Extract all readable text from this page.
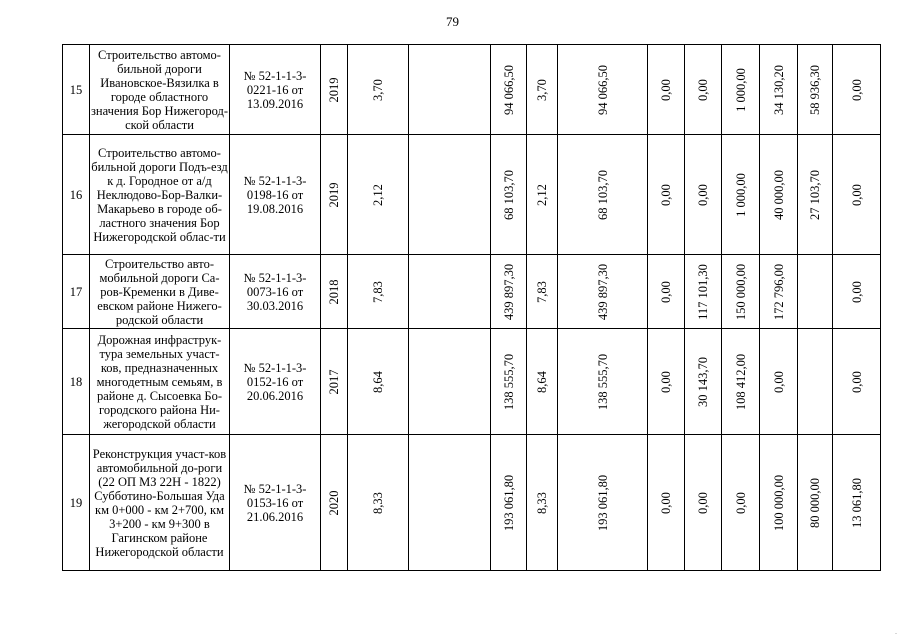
79
15	Строительство автомо-бильной дороги Ивановское-Вязилка в городе областного значения Бор Нижегород-ской области	№ 52-1-1-3-0221-16 от 13.09.2016	2019	3,70		94 066,50	3,70	94 066,50	0,00	0,00	1 000,00	34 130,20	58 936,30	0,00

16	Строительство автомо-бильной дороги Подъ-езд к д. Городное от а/д Неклюдово-Бор-Валки-Макарьево в городе об-ластного значения Бор Нижегородской облас-ти	№ 52-1-1-3-0198-16 от 19.08.2016	2019	2,12		68 103,70	2,12	68 103,70	0,00	0,00	1 000,00	40 000,00	27 103,70	0,00

17	Строительство авто-мобильной дороги Са-ров-Кременки в Диве-евском районе Нижего-родской области	№ 52-1-1-3-0073-16 от 30.03.2016	2018	7,83		439 897,30	7,83	439 897,30	0,00	117 101,30	150 000,00	172 796,00		0,00

18	Дорожная инфраструк-тура земельных участ-ков, предназначенных многодетным семьям, в районе д. Сысоевка Бо-городского района Ни-жегородской области	№ 52-1-1-3-0152-16 от 20.06.2016	2017	8,64		138 555,70	8,64	138 555,70	0,00	30 143,70	108 412,00	0,00		0,00

19	Реконструкция участ-ков автомобильной до-роги (22 ОП МЗ 22Н - 1822) Субботино-Большая Уда км 0+000 - км 2+700, км 3+200 - км 9+300 в Гагинском районе Нижегородской области	№ 52-1-1-3-0153-16 от 21.06.2016	2020	8,33		193 061,80	8,33	193 061,80	0,00	0,00	0,00	100 000,00	80 000,00	13 061,80
.
